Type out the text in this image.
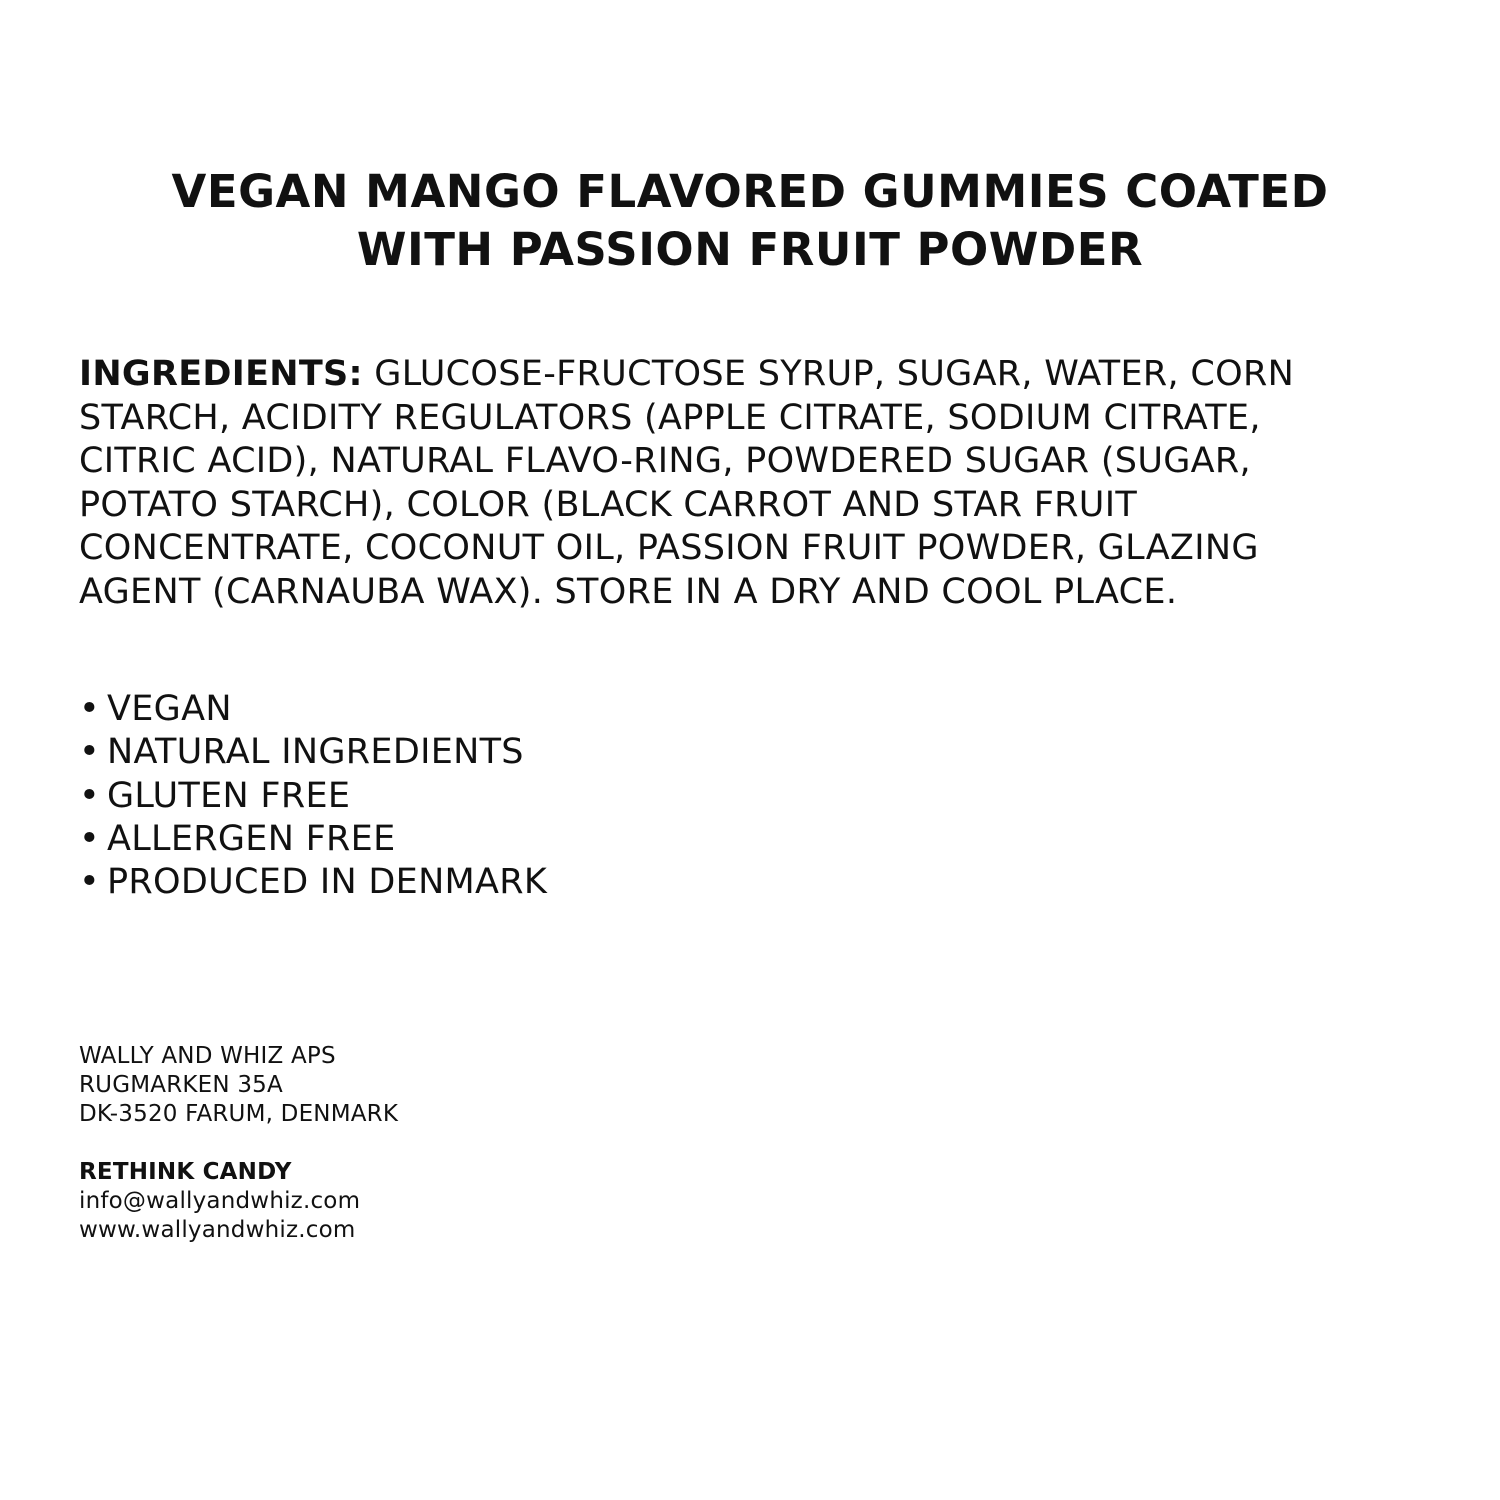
VEGAN MANGO FLAVORED GUMMIES COATED
WITH PASSION FRUIT POWDER

INGREDIENTS: GLUCOSE-FRUCTOSE SYRUP, SUGAR, WATER, CORN
STARCH, ACIDITY REGULATORS (APPLE CITRATE, SODIUM CITRATE,
CITRIC ACID), NATURAL FLAVO-RING, POWDERED SUGAR (SUGAR,
POTATO STARCH), COLOR (BLACK CARROT AND STAR FRUIT
CONCENTRATE, COCONUT OIL, PASSION FRUIT POWDER, GLAZING
AGENT (CARNAUBA WAX). STORE IN A DRY AND COOL PLACE.

• VEGAN
• NATURAL INGREDIENTS
• GLUTEN FREE
• ALLERGEN FREE
• PRODUCED IN DENMARK
WALLY AND WHIZ APS
RUGMARKEN 35A
DK-3520 FARUM, DENMARK
RETHINK CANDY
info@wallyandwhiz.com
www.wallyandwhiz.com
